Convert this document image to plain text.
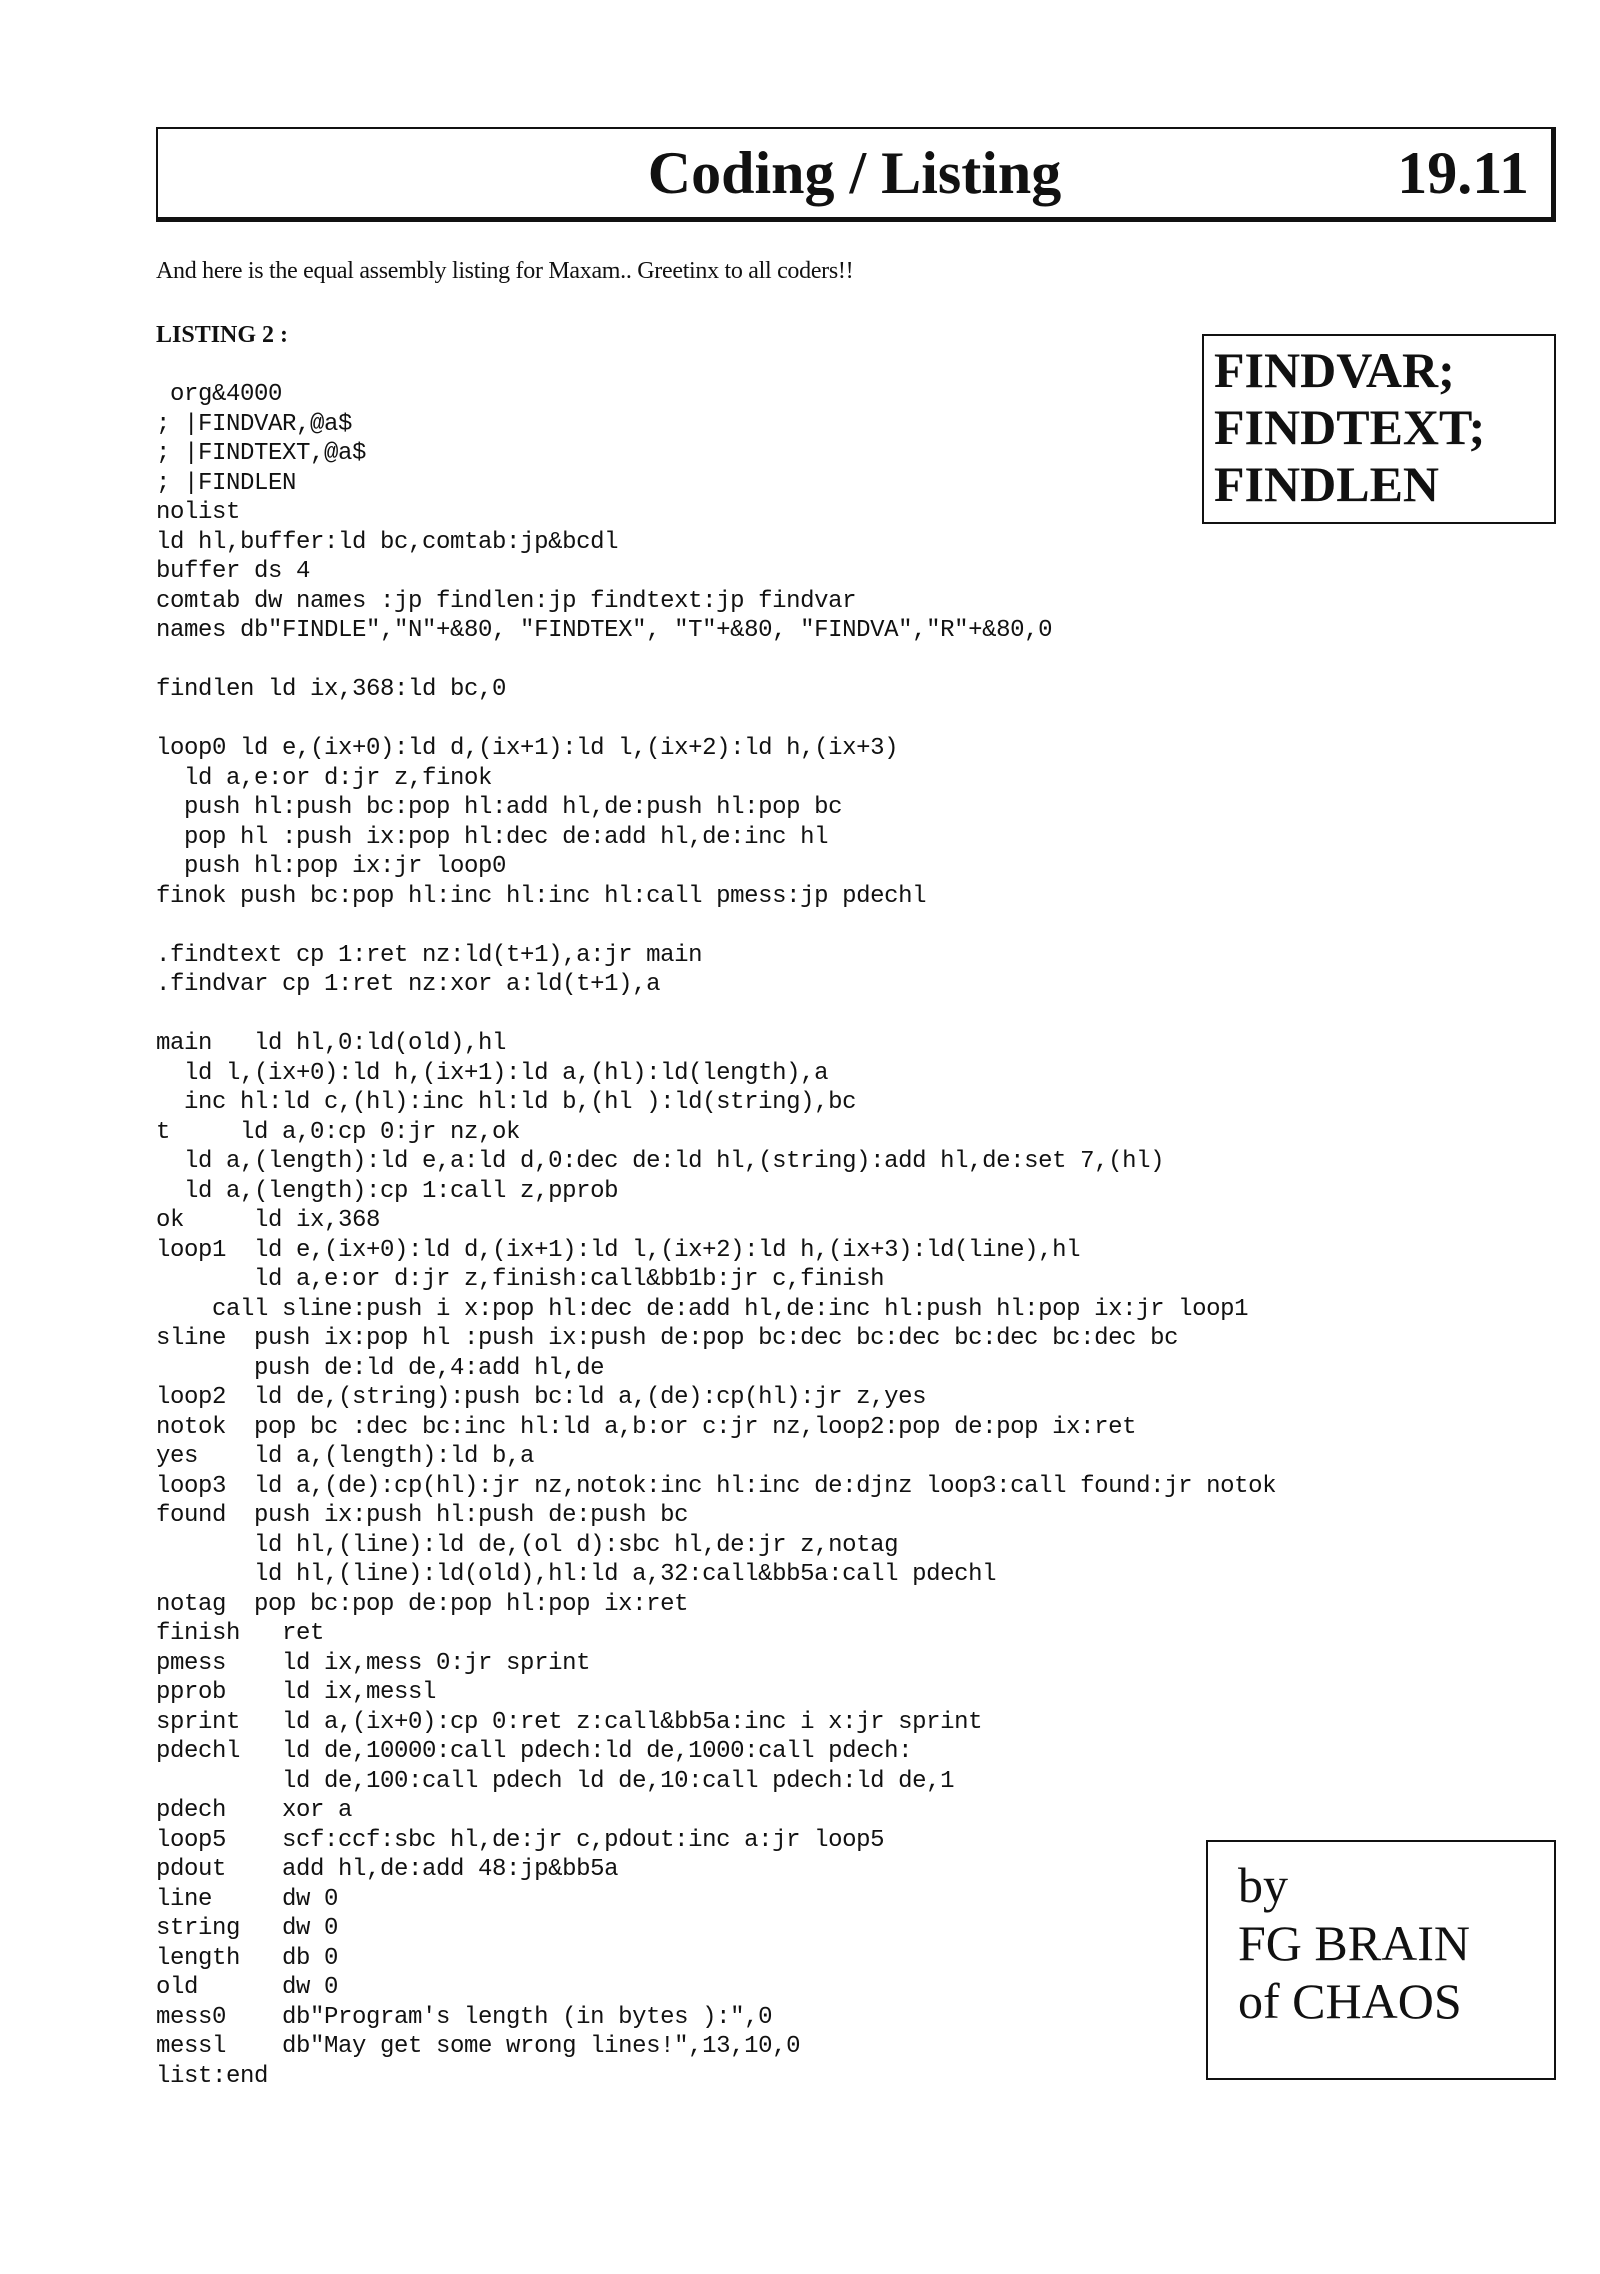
Coding / Listing	19.11
And here is the equal assembly listing for Maxam.. Greetinx to all coders!!
LISTING 2 :
FINDVAR;
FINDTEXT;
FINDLEN
org&4000
; |FINDVAR,@a$
; |FINDTEXT,@a$
; |FINDLEN
nolist
ld hl,buffer:ld bc,comtab:jp&bcdl
buffer ds 4
comtab dw names :jp findlen:jp findtext:jp findvar
names db"FINDLE","N"+&80, "FINDTEX", "T"+&80, "FINDVA","R"+&80,0
findlen ld ix,368:ld bc,0
loop0 ld e,(ix+0):ld d,(ix+1):ld l,(ix+2):ld h,(ix+3)
ld a,e:or d:jr z,finok
push hl:push bc:pop hl:add hl,de:push hl:pop bc
pop hl :push ix:pop hl:dec de:add hl,de:inc hl
push hl:pop ix:jr loop0
finok push bc:pop hl:inc hl:inc hl:call pmess:jp pdechl
.findtext cp 1:ret nz:ld(t+1),a:jr main
.findvar cp 1:ret nz:xor a:ld(t+1),a
main   ld hl,0:ld(old),hl
ld l,(ix+0):ld h,(ix+1):ld a,(hl):ld(length),a
inc hl:ld c,(hl):inc hl:ld b,(hl ):ld(string),bc
t     ld a,0:cp 0:jr nz,ok
ld a,(length):ld e,a:ld d,0:dec de:ld hl,(string):add hl,de:set 7,(hl)
ld a,(length):cp 1:call z,pprob
ok     ld ix,368
loop1  ld e,(ix+0):ld d,(ix+1):ld l,(ix+2):ld h,(ix+3):ld(line),hl
ld a,e:or d:jr z,finish:call&bb1b:jr c,finish
call sline:push i x:pop hl:dec de:add hl,de:inc hl:push hl:pop ix:jr loop1
sline  push ix:pop hl :push ix:push de:pop bc:dec bc:dec bc:dec bc:dec bc
push de:ld de,4:add hl,de
loop2  ld de,(string):push bc:ld a,(de):cp(hl):jr z,yes
notok  pop bc :dec bc:inc hl:ld a,b:or c:jr nz,loop2:pop de:pop ix:ret
yes    ld a,(length):ld b,a
loop3  ld a,(de):cp(hl):jr nz,notok:inc hl:inc de:djnz loop3:call found:jr notok
found  push ix:push hl:push de:push bc
ld hl,(line):ld de,(ol d):sbc hl,de:jr z,notag
ld hl,(line):ld(old),hl:ld a,32:call&bb5a:call pdechl
notag  pop bc:pop de:pop hl:pop ix:ret
finish   ret
pmess    ld ix,mess 0:jr sprint
pprob    ld ix,messl
sprint   ld a,(ix+0):cp 0:ret z:call&bb5a:inc i x:jr sprint
pdechl   ld de,10000:call pdech:ld de,1000:call pdech:
ld de,100:call pdech ld de,10:call pdech:ld de,1
pdech    xor a
loop5    scf:ccf:sbc hl,de:jr c,pdout:inc a:jr loop5
pdout    add hl,de:add 48:jp&bb5a
line     dw 0
string   dw 0
length   db 0
old      dw 0
mess0    db"Program's length (in bytes ):",0
messl    db"May get some wrong lines!",13,10,0
list:end
by
FG BRAIN
of CHAOS
